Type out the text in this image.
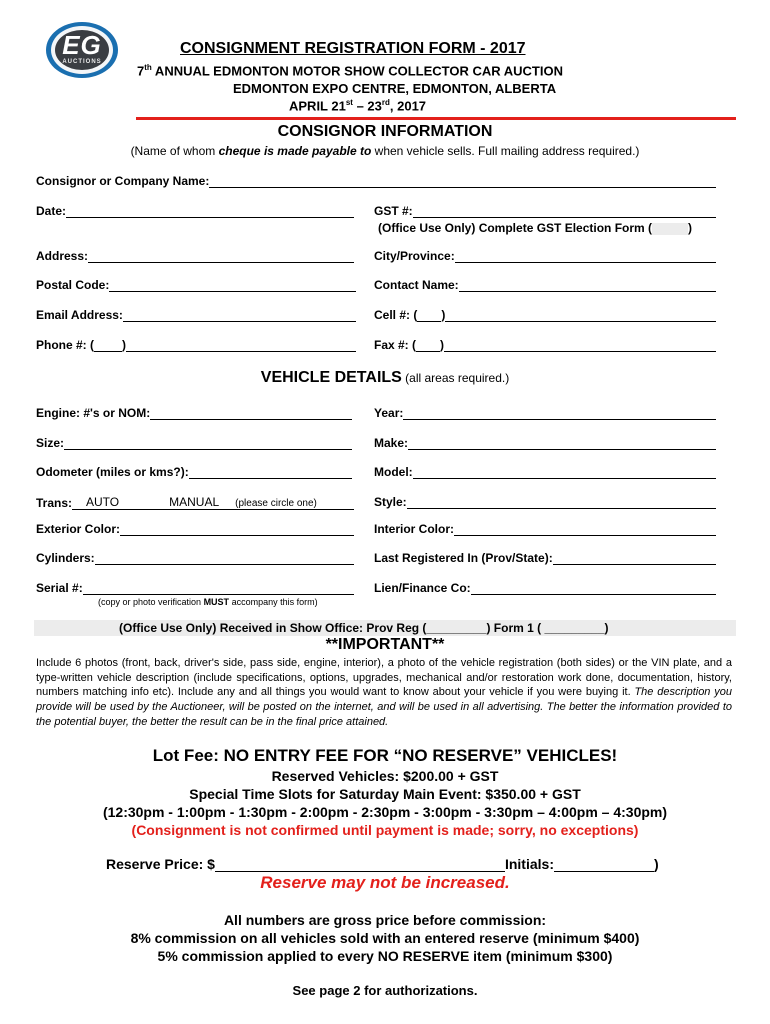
EG
AUCTIONS
CONSIGNMENT REGISTRATION FORM - 2017
7th ANNUAL EDMONTON MOTOR SHOW COLLECTOR CAR AUCTION
EDMONTON EXPO CENTRE, EDMONTON, ALBERTA
APRIL 21st – 23rd, 2017
CONSIGNOR INFORMATION
(Name of whom cheque is made payable to when vehicle sells. Full mailing address required.)
Consignor or Company Name:
Date:	GST #:
(Office Use Only) Complete GST Election Form (	)
Address:	City/Province:
Postal Code:	Contact Name:
Email Address:	Cell #: ( )
Phone #: ( )	Fax #: ( )
VEHICLE DETAILS (all areas required.)
Engine: #'s or NOM:	Year:
Size:	Make:
Odometer (miles or kms?):	Model:
Trans: AUTO	MANUAL	(please circle one)	Style:
Exterior Color:	Interior Color:
Cylinders:	Last Registered In (Prov/State):
Serial #:	Lien/Finance Co:
(copy or photo verification MUST accompany this form)
(Office Use Only) Received in Show Office: Prov Reg (_________) Form 1 ( _________)
**IMPORTANT**
Include 6 photos (front, back, driver's side, pass side, engine, interior), a photo of the vehicle registration (both sides) or the VIN plate, and a type-written vehicle description (include specifications, options, upgrades, mechanical and/or restoration work done, documentation, history, numbers matching info etc). Include any and all things you would want to know about your vehicle if you were buying it. The description you provide will be used by the Auctioneer, will be posted on the internet, and will be used in all advertising. The better the information provided to the potential buyer, the better the result can be in the final price attained.
Lot Fee: NO ENTRY FEE FOR “NO RESERVE” VEHICLES!
Reserved Vehicles: $200.00 + GST
Special Time Slots for Saturday Main Event: $350.00 + GST
(12:30pm - 1:00pm - 1:30pm - 2:00pm - 2:30pm - 3:00pm - 3:30pm – 4:00pm – 4:30pm)
(Consignment is not confirmed until payment is made; sorry, no exceptions)
Reserve Price: $	Initials:	)
Reserve may not be increased.
All numbers are gross price before commission:
8% commission on all vehicles sold with an entered reserve (minimum $400)
5% commission applied to every NO RESERVE item (minimum $300)
See page 2 for authorizations.
